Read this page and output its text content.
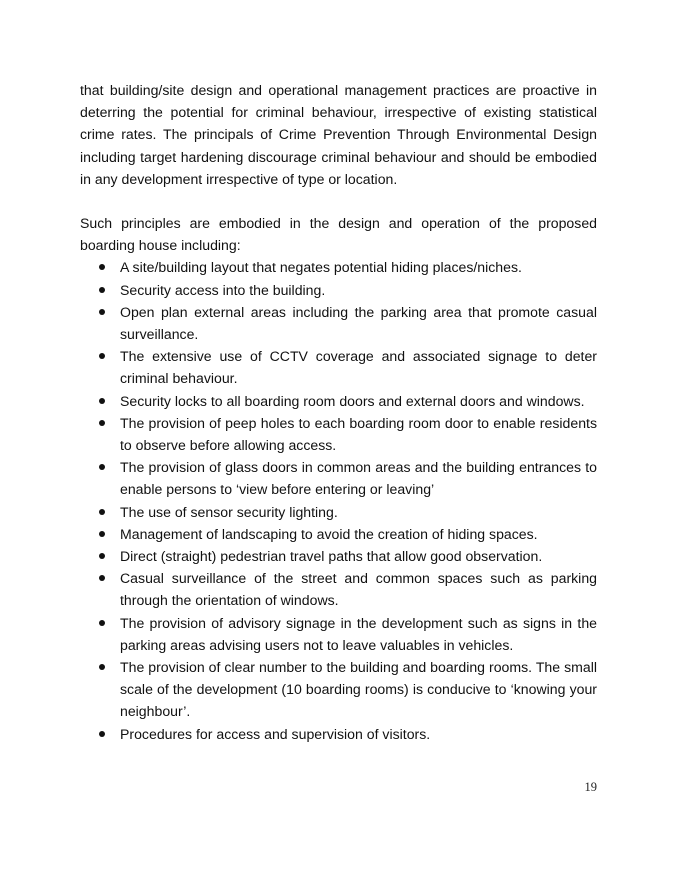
that building/site design and operational management practices are proactive in deterring the potential for criminal behaviour, irrespective of existing statistical crime rates. The principals of Crime Prevention Through Environmental Design including target hardening discourage criminal behaviour and should be embodied in any development irrespective of type or location.

Such principles are embodied in the design and operation of the proposed boarding house including:

A site/building layout that negates potential hiding places/niches.
Security access into the building.
Open plan external areas including the parking area that promote casual surveillance.
The extensive use of CCTV coverage and associated signage to deter criminal behaviour.
Security locks to all boarding room doors and external doors and windows.
The provision of peep holes to each boarding room door to enable residents to observe before allowing access.
The provision of glass doors in common areas and the building entrances to enable persons to ‘view before entering or leaving’
The use of sensor security lighting.
Management of landscaping to avoid the creation of hiding spaces.
Direct (straight) pedestrian travel paths that allow good observation.
Casual surveillance of the street and common spaces such as parking through the orientation of windows.
The provision of advisory signage in the development such as signs in the parking areas advising users not to leave valuables in vehicles.
The provision of clear number to the building and boarding rooms. The small scale of the development (10 boarding rooms) is conducive to ‘knowing your neighbour’.
Procedures for access and supervision of visitors.
19
